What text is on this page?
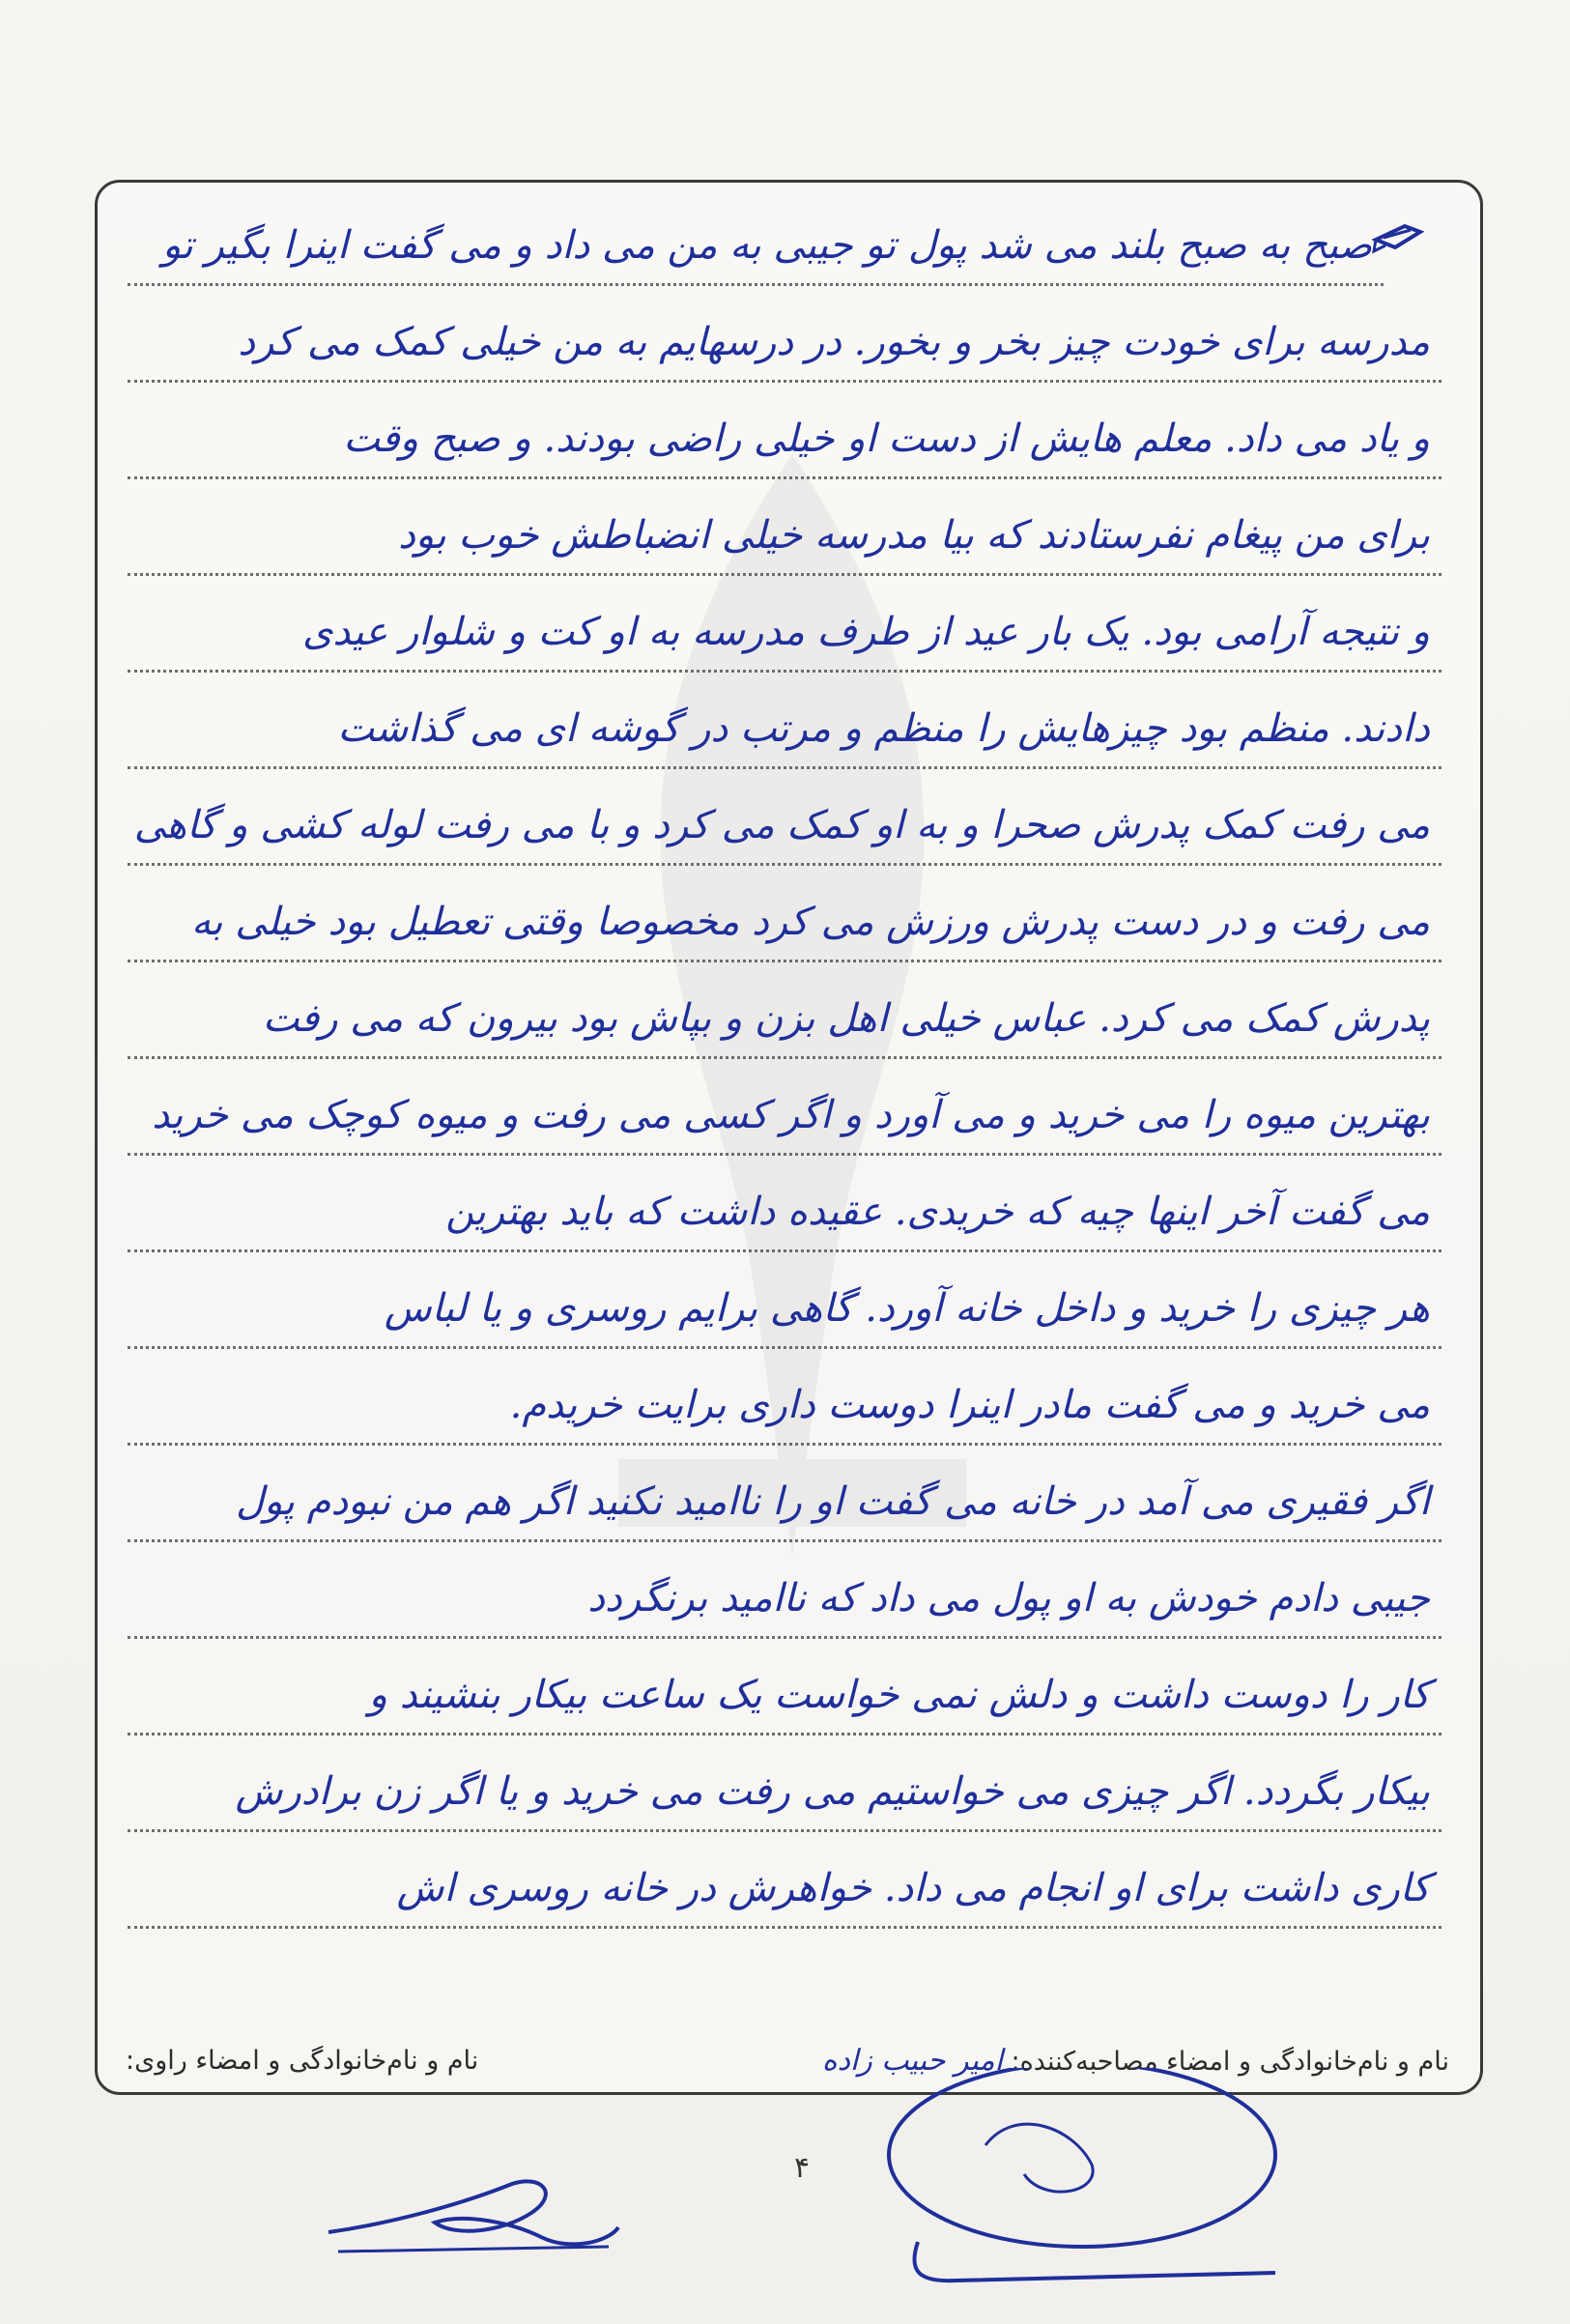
صبح به صبح بلند می شد پول تو جیبی به من می داد و می گفت اینرا بگیر تو
مدرسه برای خودت چیز بخر و بخور. در درسهایم به من خیلی کمک می کرد
و یاد می داد. معلم هایش از دست او خیلی راضی بودند. و صبح وقت
برای من پیغام نفرستادند که بیا مدرسه خیلی انضباطش خوب بود
و نتیجه آرامی بود. یک بار عید از طرف مدرسه به او کت و شلوار عیدی
دادند. منظم بود چیزهایش را منظم و مرتب در گوشه ای می گذاشت
می رفت کمک پدرش صحرا و به او کمک می کرد و با می رفت لوله کشی و گاهی
می رفت و در دست پدرش ورزش می کرد مخصوصا وقتی تعطیل بود خیلی به
پدرش کمک می کرد. عباس خیلی اهل بزن و بپاش بود بیرون که می رفت
بهترین میوه را می خرید و می آورد و اگر کسی می رفت و میوه کوچک می خرید
می گفت آخر اینها چیه که خریدی. عقیده داشت که باید بهترین
هر چیزی را خرید و داخل خانه آورد. گاهی برایم روسری و یا لباس
می خرید و می گفت مادر اینرا دوست داری برایت خریدم.
اگر فقیری می آمد در خانه می گفت او را ناامید نکنید اگر هم من نبودم پول
جیبی دادم خودش به او پول می داد که ناامید برنگردد
کار را دوست داشت و دلش نمی خواست یک ساعت بیکار بنشیند و
بیکار بگردد. اگر چیزی می خواستیم می رفت می خرید و یا اگر زن برادرش
کاری داشت برای او انجام می داد. خواهرش در خانه روسری اش
نام و نام‌خانوادگی و امضاء مصاحبه‌کننده: امیر حبیب زاده
نام و نام‌خانوادگی و امضاء راوی:
۴
